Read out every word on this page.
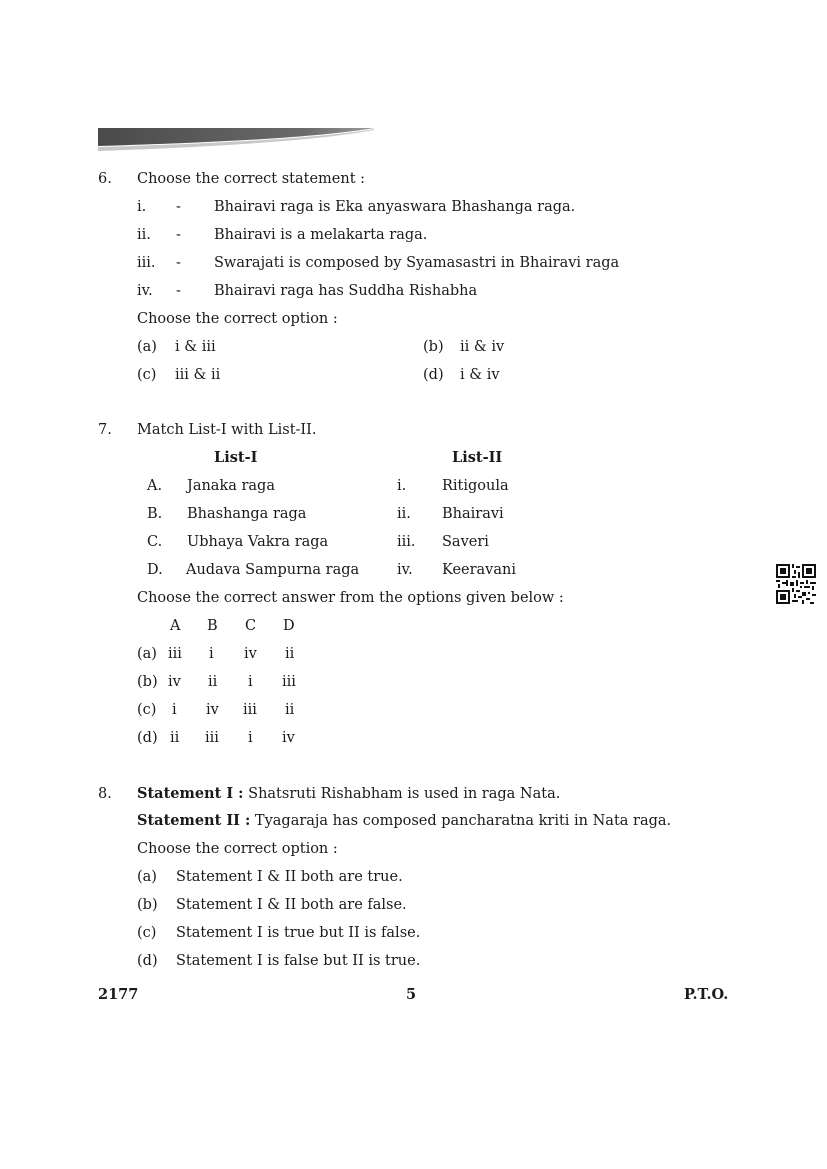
6. Choose the correct statement :
i. - Bhairavi raga is Eka anyaswara Bhashanga raga.
ii. - Bhairavi is a melakarta raga.
iii. - Swarajati is composed by Syamasastri in Bhairavi raga
iv. - Bhairavi raga has Suddha Rishabha
Choose the correct option :
(a) i & iii	(b) ii & iv
(c) iii & ii	(d) i & iv
7. Match List-I with List-II.
List-I	List-II
A. Janaka raga	i. Ritigoula
B. Bhashanga raga	ii. Bhairavi
C. Ubhaya Vakra raga	iii. Saveri
D. Audava Sampurna raga	iv. Keeravani
Choose the correct answer from the options given below :
A B C D
(a) iii i iv ii
(b) iv ii i iii
(c) i iv iii ii
(d) ii iii i iv
8. Statement I : Shatsruti Rishabham is used in raga Nata.
Statement II : Tyagaraja has composed pancharatna kriti in Nata raga.
Choose the correct option :
(a) Statement I & II both are true.
(b) Statement I & II both are false.
(c) Statement I is true but II is false.
(d) Statement I is false but II is true.
2177	5	P.T.O.
